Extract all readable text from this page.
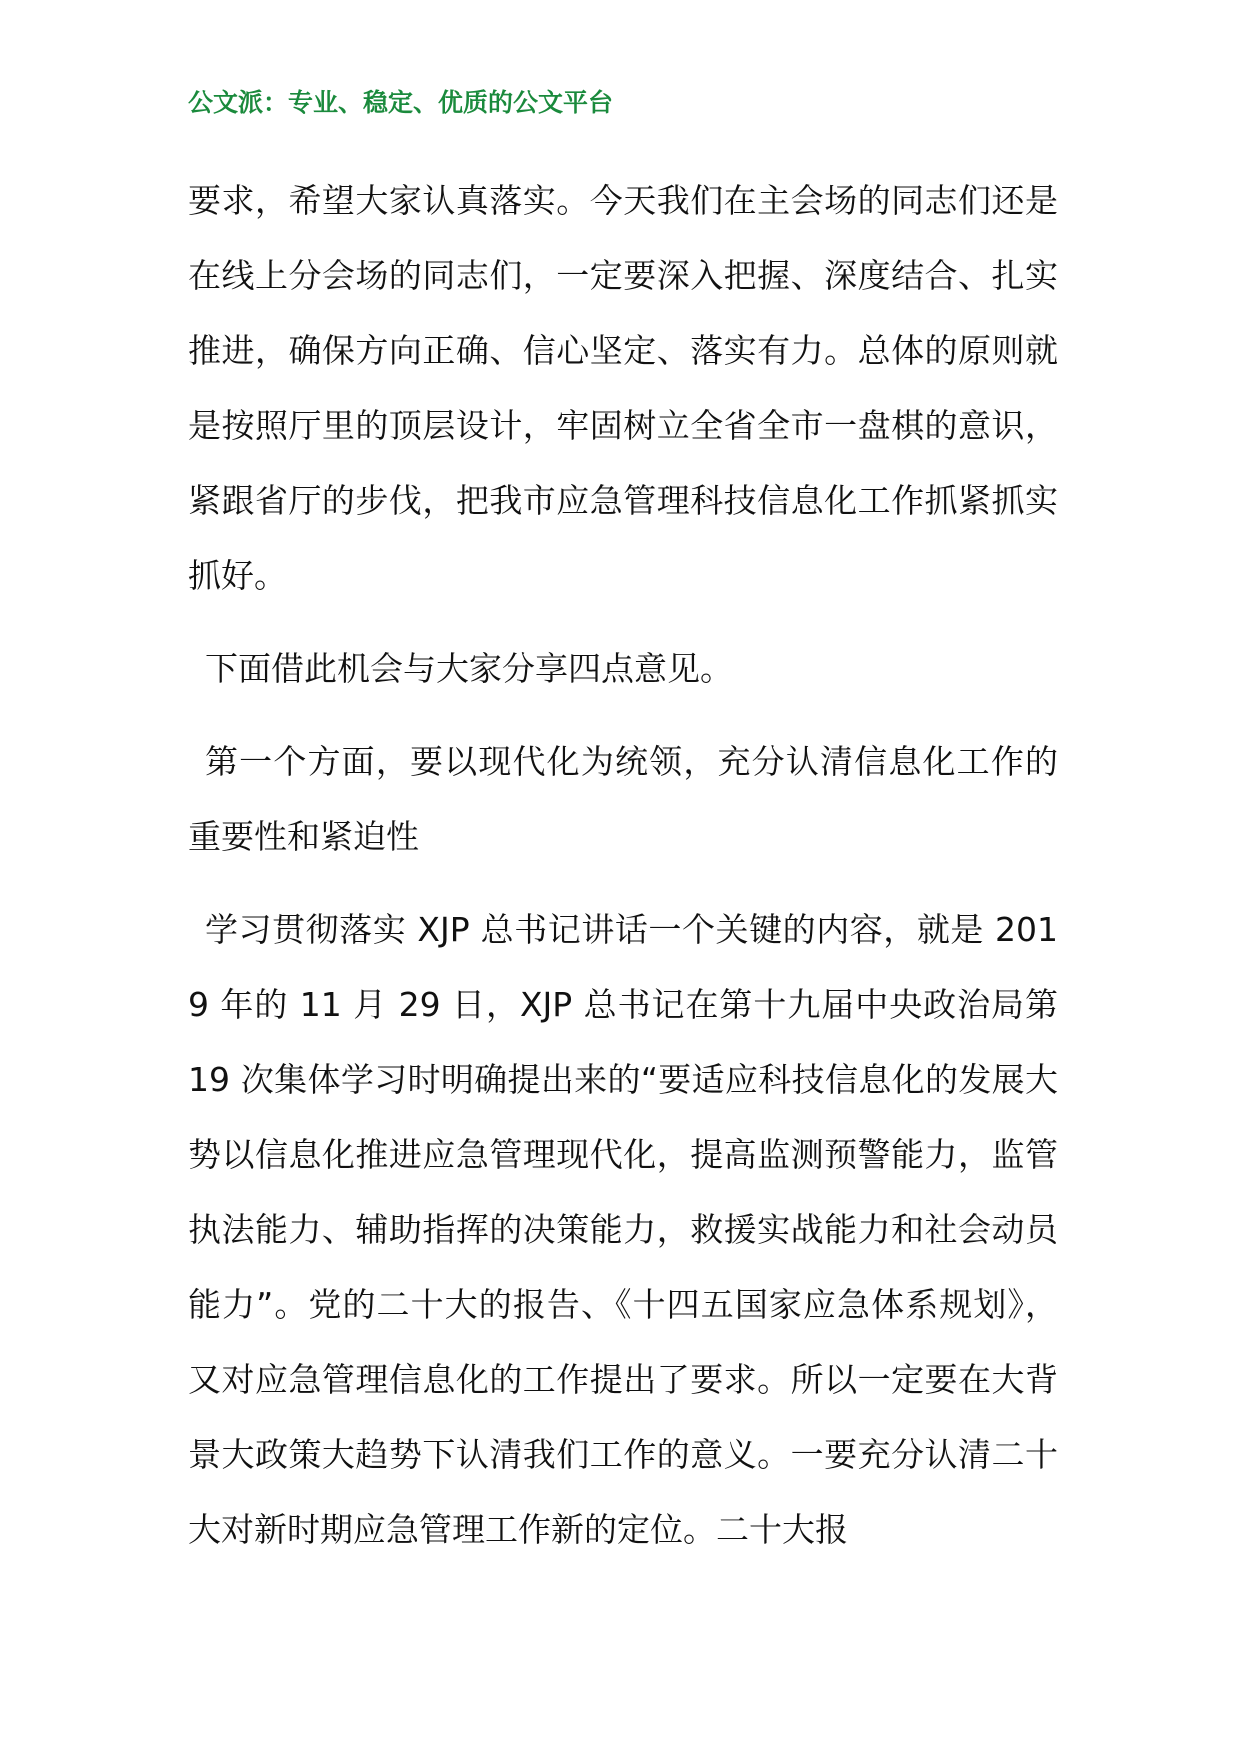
公文派：专业、稳定、优质的公文平台

要求，希望大家认真落实。今天我们在主会场的同志们还是在线上分会场的同志们，一定要深入把握、深度结合、扎实推进，确保方向正确、信心坚定、落实有力。总体的原则就是按照厅里的顶层设计，牢固树立全省全市一盘棋的意识，紧跟省厅的步伐，把我市应急管理科技信息化工作抓紧抓实抓好。

下面借此机会与大家分享四点意见。

第一个方面，要以现代化为统领，充分认清信息化工作的重要性和紧迫性

学习贯彻落实 XJP 总书记讲话一个关键的内容，就是 2019 年的 11 月 29 日，XJP 总书记在第十九届中央政治局第 19 次集体学习时明确提出来的“要适应科技信息化的发展大势以信息化推进应急管理现代化，提高监测预警能力，监管执法能力、辅助指挥的决策能力，救援实战能力和社会动员能力”。党的二十大的报告、《十四五国家应急体系规划》，又对应急管理信息化的工作提出了要求。所以一定要在大背景大政策大趋势下认清我们工作的意义。一要充分认清二十大对新时期应急管理工作新的定位。二十大报
